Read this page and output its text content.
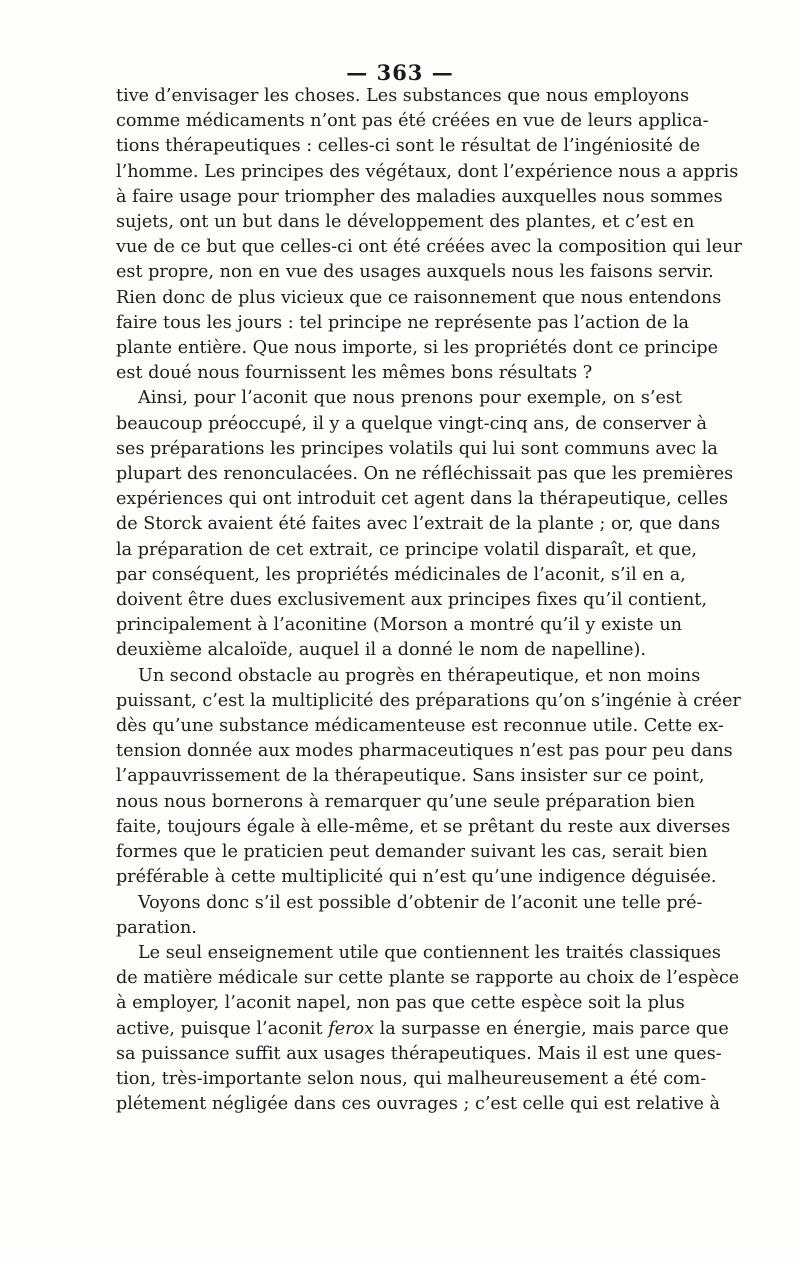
— 363 —
tive d’envisager les choses. Les substances que nous employons
comme médicaments n’ont pas été créées en vue de leurs applica-
tions thérapeutiques : celles-ci sont le résultat de l’ingéniosité de
l’homme. Les principes des végétaux, dont l’expérience nous a appris
à faire usage pour triompher des maladies auxquelles nous sommes
sujets, ont un but dans le développement des plantes, et c’est en
vue de ce but que celles-ci ont été créées avec la composition qui leur
est propre, non en vue des usages auxquels nous les faisons servir.
Rien donc de plus vicieux que ce raisonnement que nous entendons
faire tous les jours : tel principe ne représente pas l’action de la
plante entière. Que nous importe, si les propriétés dont ce principe
est doué nous fournissent les mêmes bons résultats ?
Ainsi, pour l’aconit que nous prenons pour exemple, on s’est
beaucoup préoccupé, il y a quelque vingt-cinq ans, de conserver à
ses préparations les principes volatils qui lui sont communs avec la
plupart des renonculacées. On ne réfléchissait pas que les premières
expériences qui ont introduit cet agent dans la thérapeutique, celles
de Storck avaient été faites avec l’extrait de la plante ; or, que dans
la préparation de cet extrait, ce principe volatil disparaît, et que,
par conséquent, les propriétés médicinales de l’aconit, s’il en a,
doivent être dues exclusivement aux principes fixes qu’il contient,
principalement à l’aconitine (Morson a montré qu’il y existe un
deuxième alcaloïde, auquel il a donné le nom de napelline).
Un second obstacle au progrès en thérapeutique, et non moins
puissant, c’est la multiplicité des préparations qu’on s’ingénie à créer
dès qu’une substance médicamenteuse est reconnue utile. Cette ex-
tension donnée aux modes pharmaceutiques n’est pas pour peu dans
l’appauvrissement de la thérapeutique. Sans insister sur ce point,
nous nous bornerons à remarquer qu’une seule préparation bien
faite, toujours égale à elle-même, et se prêtant du reste aux diverses
formes que le praticien peut demander suivant les cas, serait bien
préférable à cette multiplicité qui n’est qu’une indigence déguisée.
Voyons donc s’il est possible d’obtenir de l’aconit une telle pré-
paration.
Le seul enseignement utile que contiennent les traités classiques
de matière médicale sur cette plante se rapporte au choix de l’espèce
à employer, l’aconit napel, non pas que cette espèce soit la plus
active, puisque l’aconit ferox la surpasse en énergie, mais parce que
sa puissance suffit aux usages thérapeutiques. Mais il est une ques-
tion, très-importante selon nous, qui malheureusement a été com-
plétement négligée dans ces ouvrages ; c’est celle qui est relative à
